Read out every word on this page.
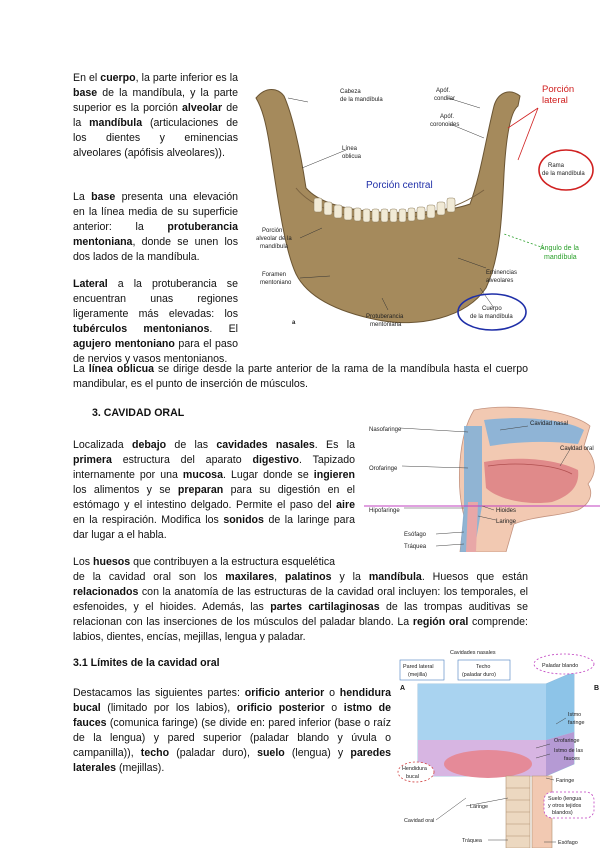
En el cuerpo, la parte inferior es la base de la mandíbula, y la parte superior es la porción alveolar de la mandíbula (articulaciones de los dientes y eminencias alveolares (apófisis alveolares)).

La base presenta una elevación en la línea media de su superficie anterior: la protuberancia mentoniana, donde se unen los dos lados de la mandíbula.

Lateral a la protuberancia se encuentran unas regiones ligeramente más elevadas: los tubérculos mentonianos. El agujero mentoniano para el paso de nervios y vasos mentonianos.

La línea oblicua se dirige desde la parte anterior de la rama de la mandíbula hasta el cuerpo mandibular, es el punto de inserción de músculos.

3. CAVIDAD ORAL

Localizada debajo de las cavidades nasales. Es la primera estructura del aparato digestivo. Tapizado internamente por una mucosa. Lugar donde se ingieren los alimentos y se preparan para su digestión en el estómago y el intestino delgado. Permite el paso del aire en la respiración. Modifica los sonidos de la laringe para dar lugar a el habla.

Los huesos que contribuyen a la estructura esquelética

de la cavidad oral son los maxilares, palatinos y la mandíbula. Huesos que están relacionados con la anatomía de las estructuras de la cavidad oral incluyen: los temporales, el esfenoides, y el hioides. Además, las partes cartilaginosas de las trompas auditivas se relacionan con las inserciones de los músculos del paladar blando. La región oral comprende: labios, dientes, encías, mejillas, lengua y paladar.

3.1 Límites de la cavidad oral

Destacamos las siguientes partes: orificio anterior o hendidura bucal (limitado por los labios), orificio posterior o istmo de fauces (comunica faringe) (se divide en: pared inferior (base o raíz de la lengua) y pared superior (paladar blando y úvula o campanilla)), techo (paladar duro), suelo (lengua) y paredes laterales (mejillas).

Cabeza
de la mandíbula
Apóf.
condilar
Apóf.
coronoides
Línea
oblicua
Porción central
Porción
alveolar de la
mandíbula
Foramen
mentoniano
Protuberancia
mentoniana
Eminencias
alveolares
a
Porción
lateral
Rama
de la mandíbula
Ángulo de la
mandíbula
Cuerpo
de la mandíbula
Nasofaringe
Orofaringe
Hipofaringe
Cavidad nasal
Cavidad oral
Hioides
Laringe
Esófago
Tráquea
Cavidades nasales
Pared lateral
(mejilla)
Techo
(paladar duro)
Paladar blando
A	B
Istmo
faringe
Orofaringe
Istmo de las
fauces
Hendidura
bucal
Faringe
Cavidad oral
Suelo (lengua
y otros tejidos
blandos)
Laringe
Tráquea	Esófago
